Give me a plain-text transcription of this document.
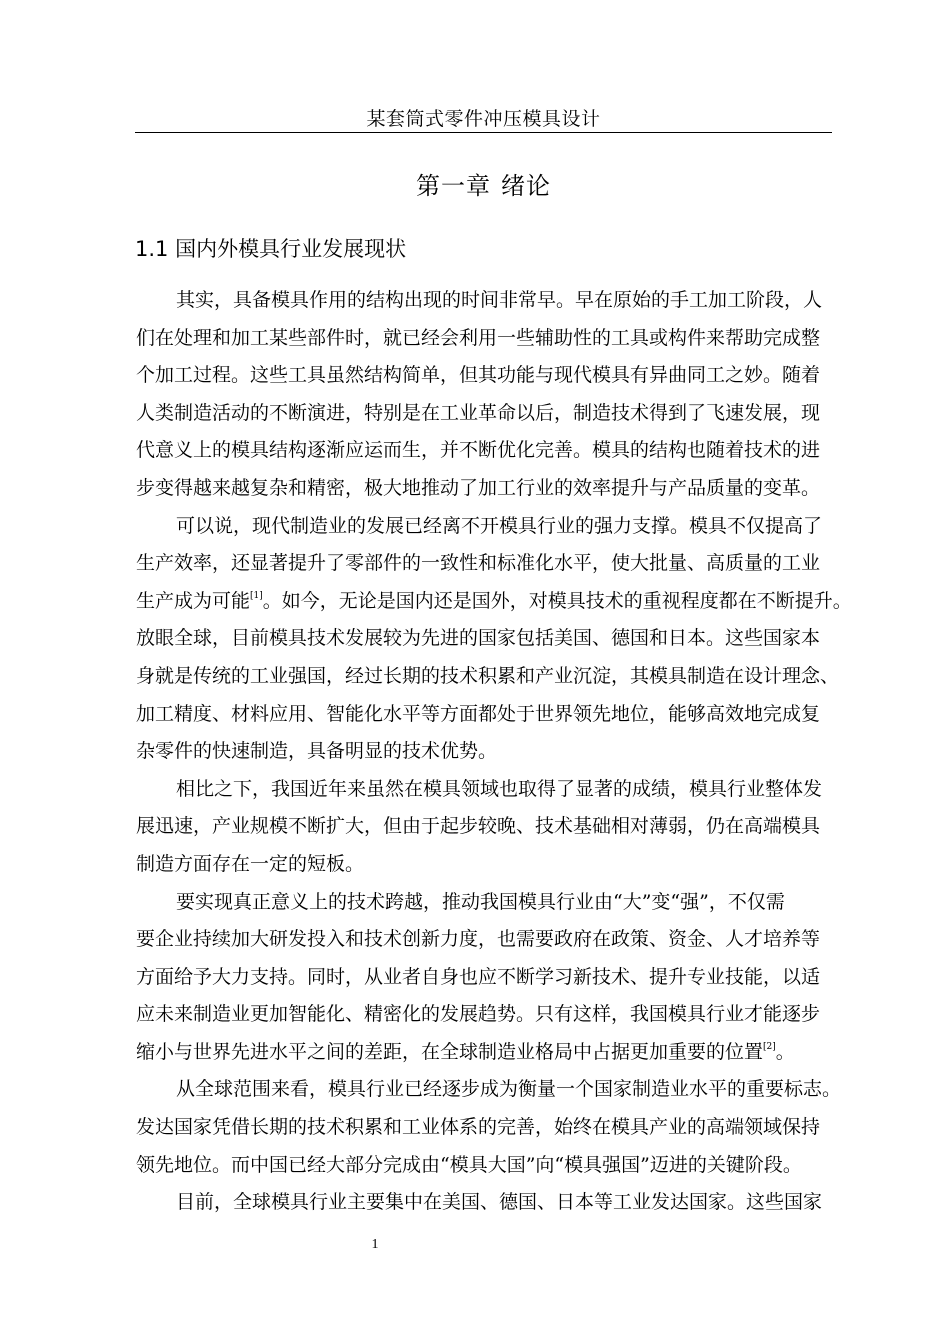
某套筒式零件冲压模具设计
第一章 绪论
1.1 国内外模具行业发展现状
其实，具备模具作用的结构出现的时间非常早。早在原始的手工加工阶段，人
们在处理和加工某些部件时，就已经会利用一些辅助性的工具或构件来帮助完成整
个加工过程。这些工具虽然结构简单，但其功能与现代模具有异曲同工之妙。随着
人类制造活动的不断演进，特别是在工业革命以后，制造技术得到了飞速发展，现
代意义上的模具结构逐渐应运而生，并不断优化完善。模具的结构也随着技术的进
步变得越来越复杂和精密，极大地推动了加工行业的效率提升与产品质量的变革。
可以说，现代制造业的发展已经离不开模具行业的强力支撑。模具不仅提高了
生产效率，还显著提升了零部件的一致性和标准化水平，使大批量、高质量的工业
生产成为可能[1]。如今，无论是国内还是国外，对模具技术的重视程度都在不断提升。
放眼全球，目前模具技术发展较为先进的国家包括美国、德国和日本。这些国家本
身就是传统的工业强国，经过长期的技术积累和产业沉淀，其模具制造在设计理念、
加工精度、材料应用、智能化水平等方面都处于世界领先地位，能够高效地完成复
杂零件的快速制造，具备明显的技术优势。
相比之下，我国近年来虽然在模具领域也取得了显著的成绩，模具行业整体发
展迅速，产业规模不断扩大，但由于起步较晚、技术基础相对薄弱，仍在高端模具
制造方面存在一定的短板。
要实现真正意义上的技术跨越，推动我国模具行业由“大”变“强”，不仅需
要企业持续加大研发投入和技术创新力度，也需要政府在政策、资金、人才培养等
方面给予大力支持。同时，从业者自身也应不断学习新技术、提升专业技能，以适
应未来制造业更加智能化、精密化的发展趋势。只有这样，我国模具行业才能逐步
缩小与世界先进水平之间的差距，在全球制造业格局中占据更加重要的位置[2]。
从全球范围来看，模具行业已经逐步成为衡量一个国家制造业水平的重要标志。
发达国家凭借长期的技术积累和工业体系的完善，始终在模具产业的高端领域保持
领先地位。而中国已经大部分完成由“模具大国”向“模具强国”迈进的关键阶段。
目前，全球模具行业主要集中在美国、德国、日本等工业发达国家。这些国家
1
